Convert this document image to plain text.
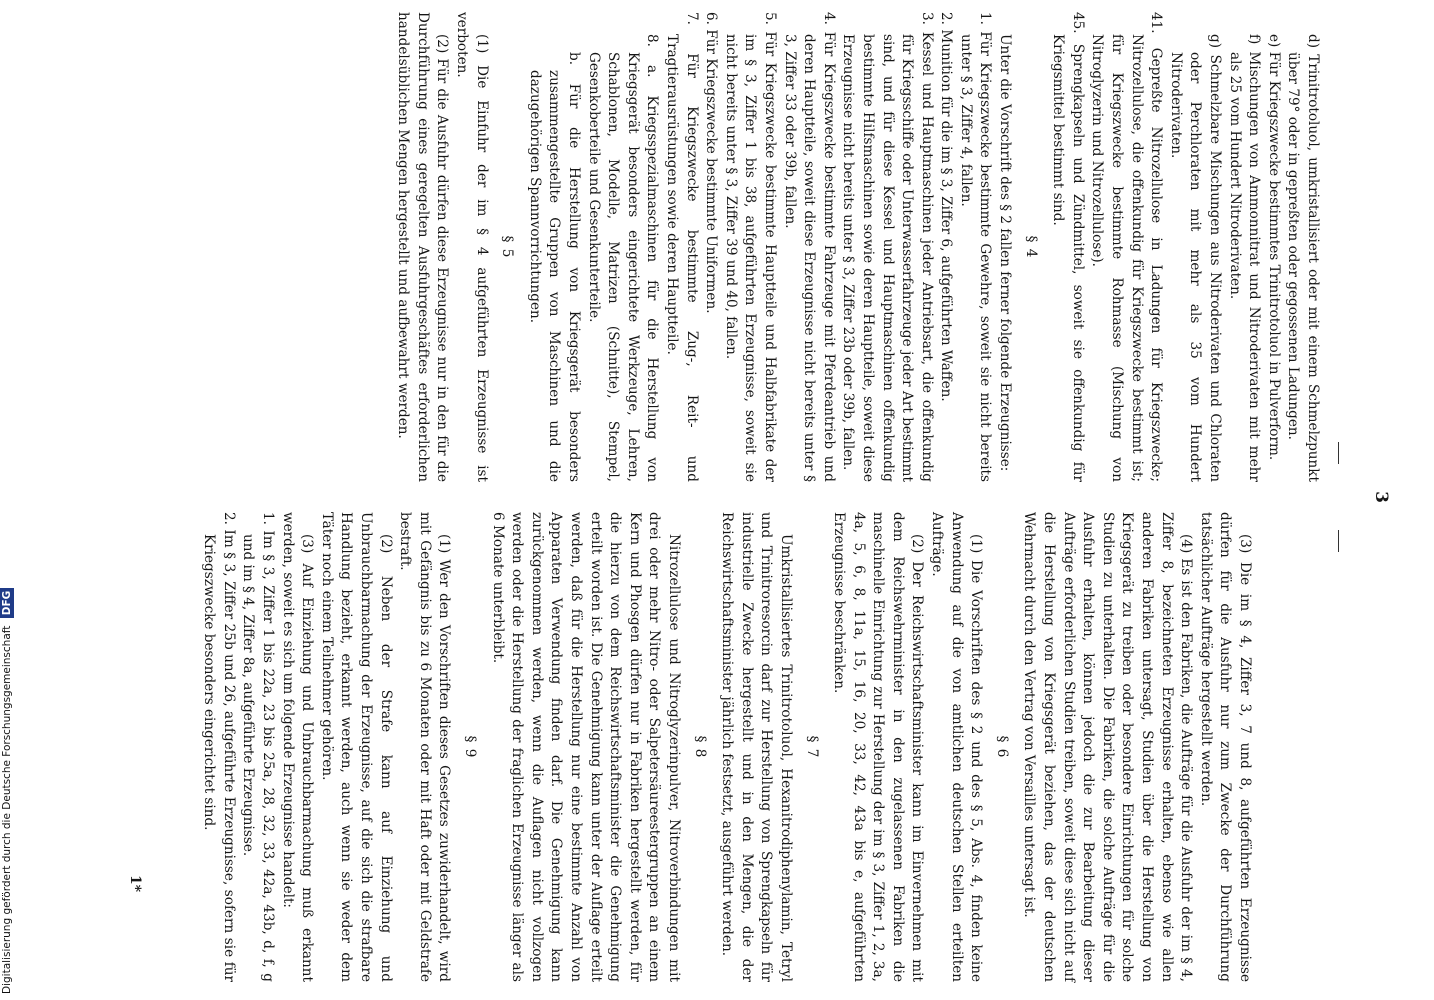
3

d) Trinitrotoluol, umkristallisiert oder mit einem Schmelzpunkt über 79° oder in gepreßten oder gegossenen Ladungen.

e) Für Kriegszwecke bestimmtes Trinitrotoluol in Pulverform.

f) Mischungen von Ammonnitrat und Nitroderivaten mit mehr als 25 vom Hundert Nitroderivaten.

g) Schmelzbare Mischungen aus Nitroderivaten und Chloraten oder Perchloraten mit mehr als 35 vom Hundert Nitroderivaten.

41. Gepreßte Nitrozellulose in Ladungen für Kriegszwecke; Nitrozellulose, die offenkundig für Kriegszwecke bestimmt ist; für Kriegszwecke bestimmte Rohmasse (Mischung von Nitroglyzerin und Nitrozellulose).

45. Sprengkapseln und Zündmittel, soweit sie offenkundig für Kriegsmittel bestimmt sind.

§ 4

Unter die Vorschrift des § 2 fallen ferner folgende Erzeugnisse:

1. Für Kriegszwecke bestimmte Gewehre, soweit sie nicht bereits unter § 3, Ziffer 4, fallen.

2. Munition für die im § 3, Ziffer 6, aufgeführten Waffen.

3. Kessel und Hauptmaschinen jeder Antriebsart, die offenkundig für Kriegsschiffe oder Unterwasserfahrzeuge jeder Art bestimmt sind, und für diese Kessel und Hauptmaschinen offenkundig bestimmte Hilfsmaschinen sowie deren Hauptteile, soweit diese Erzeugnisse nicht bereits unter § 3, Ziffer 23b oder 39b, fallen.

4. Für Kriegszwecke bestimmte Fahrzeuge mit Pferdeantrieb und deren Hauptteile, soweit diese Erzeugnisse nicht bereits unter § 3, Ziffer 33 oder 39b, fallen.

5. Für Kriegszwecke bestimmte Hauptteile und Halbfabrikate der im § 3, Ziffer 1 bis 38, aufgeführten Erzeugnisse, soweit sie nicht bereits unter § 3, Ziffer 39 und 40, fallen.

6. Für Kriegszwecke bestimmte Uniformen.

7. Für Kriegszwecke bestimmte Zug-, Reit- und Tragtierausrüstungen sowie deren Hauptteile.

8. a. Kriegsspezialmaschinen für die Herstellung von Kriegsgerät besonders eingerichtete Werkzeuge, Lehren, Schablonen, Modelle, Matrizen (Schnitte), Stempel, Gesenkoberteile und Gesenkunterteile.

b. Für die Herstellung von Kriegsgerät besonders zusammengestellte Gruppen von Maschinen und die dazugehörigen Spannvorrichtungen.

§ 5

(1) Die Einfuhr der im § 4 aufgeführten Erzeugnisse ist verboten.

(2) Für die Ausfuhr dürfen diese Erzeugnisse nur in den für die Durchführung eines geregelten Ausfuhrgeschäftes erforderlichen handelsüblichen Mengen hergestellt und aufbewahrt werden.

(3) Die im § 4, Ziffer 3, 7 und 8, aufgeführten Erzeugnisse dürfen für die Ausfuhr nur zum Zwecke der Durchführung tatsächlicher Aufträge hergestellt werden.

(4) Es ist den Fabriken, die Aufträge für die Ausfuhr der im § 4, Ziffer 8, bezeichneten Erzeugnisse erhalten, ebenso wie allen anderen Fabriken untersagt, Studien über die Herstellung von Kriegsgerät zu treiben oder besondere Einrichtungen für solche Studien zu unterhalten. Die Fabriken, die solche Aufträge für die Ausfuhr erhalten, können jedoch die zur Bearbeitung dieser Aufträge erforderlichen Studien treiben, soweit diese sich nicht auf die Herstellung von Kriegsgerät beziehen, das der deutschen Wehrmacht durch den Vertrag von Versailles untersagt ist.

§ 6

(1) Die Vorschriften des § 2 und des § 5, Abs. 4, finden keine Anwendung auf die von amtlichen deutschen Stellen erteilten Aufträge.

(2) Der Reichswirtschaftsminister kann im Einvernehmen mit dem Reichswehrminister in den zugelassenen Fabriken die maschinelle Einrichtung zur Herstellung der im § 3, Ziffer 1, 2, 3a, 4a, 5, 6, 8, 11a, 15, 16, 20, 33, 42, 43a bis e, aufgeführten Erzeugnisse beschränken.

§ 7

Umkristallisiertes Trinitrotoluol, Hexanitrodiphenylamin, Tetryl und Trinitroresorcin darf zur Herstellung von Sprengkapseln für industrielle Zwecke hergestellt und in den Mengen, die der Reichswirtschaftsminister jährlich festsetzt, ausgeführt werden.

§ 8

Nitrozellulose und Nitroglyzerinpulver, Nitroverbindungen mit drei oder mehr Nitro- oder Salpetersäureestergruppen an einem Kern und Phosgen dürfen nur in Fabriken hergestellt werden, für die hierzu von dem Reichswirtschaftsminister die Genehmigung erteilt worden ist. Die Genehmigung kann unter der Auflage erteilt werden, daß für die Herstellung nur eine bestimmte Anzahl von Apparaten Verwendung finden darf. Die Genehmigung kann zurückgenommen werden, wenn die Auflagen nicht vollzogen werden oder die Herstellung der fraglichen Erzeugnisse länger als 6 Monate unterbleibt.

§ 9

(1) Wer den Vorschriften dieses Gesetzes zuwiderhandelt, wird mit Gefängnis bis zu 6 Monaten oder mit Haft oder mit Geldstrafe bestraft.

(2) Neben der Strafe kann auf Einziehung und Unbrauchbarmachung der Erzeugnisse, auf die sich die strafbare Handlung bezieht, erkannt werden, auch wenn sie weder dem Täter noch einem Teilnehmer gehören.

(3) Auf Einziehung und Unbrauchbarmachung muß erkannt werden, soweit es sich um folgende Erzeugnisse handelt:

1. Im § 3, Ziffer 1 bis 22a, 23 bis 25a, 28, 32, 33, 42a, 43b, d, f, g und im § 4, Ziffer 8a, aufgeführte Erzeugnisse.

2. Im § 3, Ziffer 25b und 26, aufgeführte Erzeugnisse, sofern sie für Kriegszwecke besonders eingerichtet sind.

1*
Digitalisierung gefördert durch die Deutsche Forschungsgemeinschaft DFG
